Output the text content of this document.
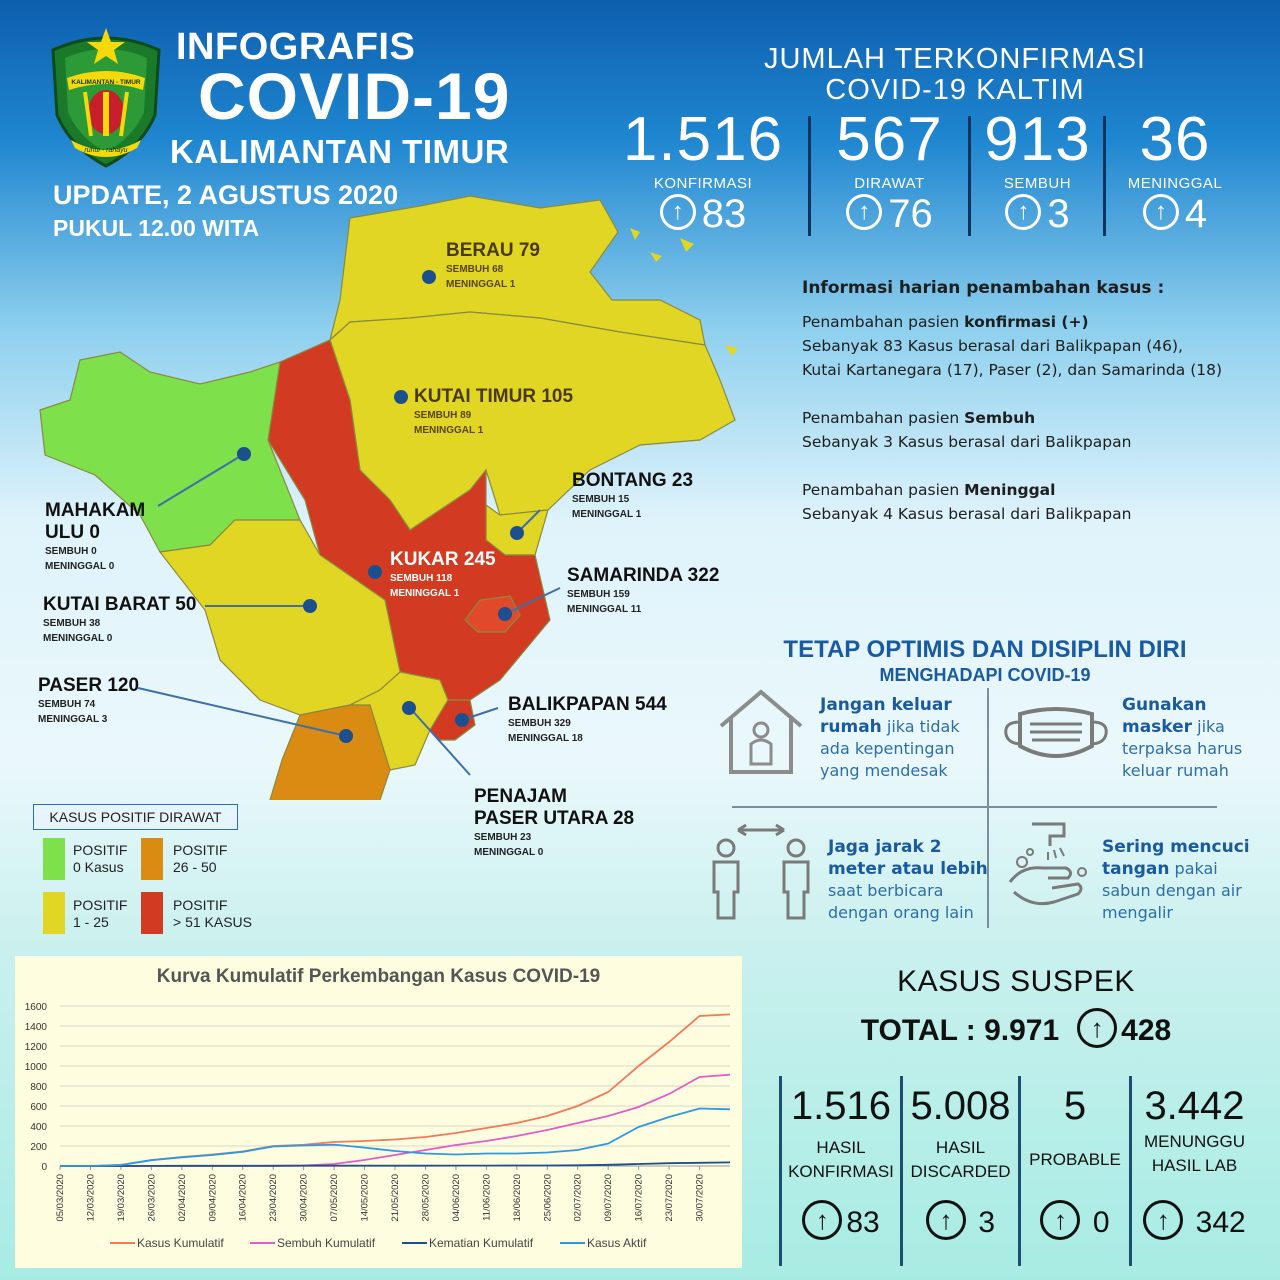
KALIMANTAN - TIMUR
ruhui - rahayu
INFOGRAFIS
COVID-19
KALIMANTAN TIMUR
UPDATE, 2 AGUSTUS 2020
PUKUL 12.00 WITA
JUMLAH TERKONFIRMASI
COVID-19 KALTIM
1.516
KONFIRMASI
↑ 83
567
DIRAWAT
↑ 76
913
SEMBUH
↑ 3
36
MENINGGAL
↑ 4
Informasi harian penambahan kasus :

Penambahan pasien konfirmasi (+)
Sebanyak 83 Kasus berasal dari Balikpapan (46), Kutai Kartanegara (17), Paser (2), dan Samarinda (18)

Penambahan pasien Sembuh
Sebanyak 3 Kasus berasal dari Balikpapan

Penambahan pasien Meninggal
Sebanyak 4 Kasus berasal dari Balikpapan

BERAU 79
SEMBUH 68
MENINGGAL 1
KUTAI TIMUR 105
SEMBUH 89
MENINGGAL 1
BONTANG 23
SEMBUH 15
MENINGGAL 1
KUKAR 245
SEMBUH 118
MENINGGAL 1
SAMARINDA 322
SEMBUH 159
MENINGGAL 11
MAHAKAM
ULU 0
SEMBUH 0
MENINGGAL 0
KUTAI BARAT 50
SEMBUH 38
MENINGGAL 0
PASER 120
SEMBUH 74
MENINGGAL 3
BALIKPAPAN 544
SEMBUH 329
MENINGGAL 18
PENAJAM
PASER UTARA 28
SEMBUH 23
MENINGGAL 0
KASUS POSITIF DIRAWAT
POSITIF
0 Kasus
POSITIF
26 - 50
POSITIF
1 - 25
POSITIF
> 51 KASUS
TETAP OPTIMIS DAN DISIPLIN DIRI
MENGHADAPI COVID-19
Jangan keluar
rumah jika tidak
ada kepentingan
yang mendesak
Gunakan
masker jika
terpaksa harus
keluar rumah
Jaga jarak 2
meter atau lebih
saat berbicara
dengan orang lain
Sering mencuci
tangan pakai
sabun dengan air
mengalir
Kurva Kumulatif Perkembangan Kasus COVID-19
0
200
400
600
800
1000
1200
1400
1600
05/03/2020 12/03/2020 19/03/2020 26/03/2020 02/04/2020 09/04/2020 16/04/2020 23/04/2020 30/04/2020 07/05/2020 14/05/2020 21/05/2020 28/05/2020 04/06/2020 11/06/2020 18/06/2020 25/06/2020 02/07/2020 09/07/2020 16/07/2020 23/07/2020 30/07/2020
Kasus Kumulatif	Sembuh Kumulatif	Kematian Kumulatif	Kasus Aktif
KASUS SUSPEK
TOTAL : 9.971 ↑ 428
1.516
HASIL
KONFIRMASI
↑ 83
5.008
HASIL
DISCARDED
↑ 3
5
PROBABLE
↑ 0
3.442
MENUNGGU
HASIL LAB
↑ 342
